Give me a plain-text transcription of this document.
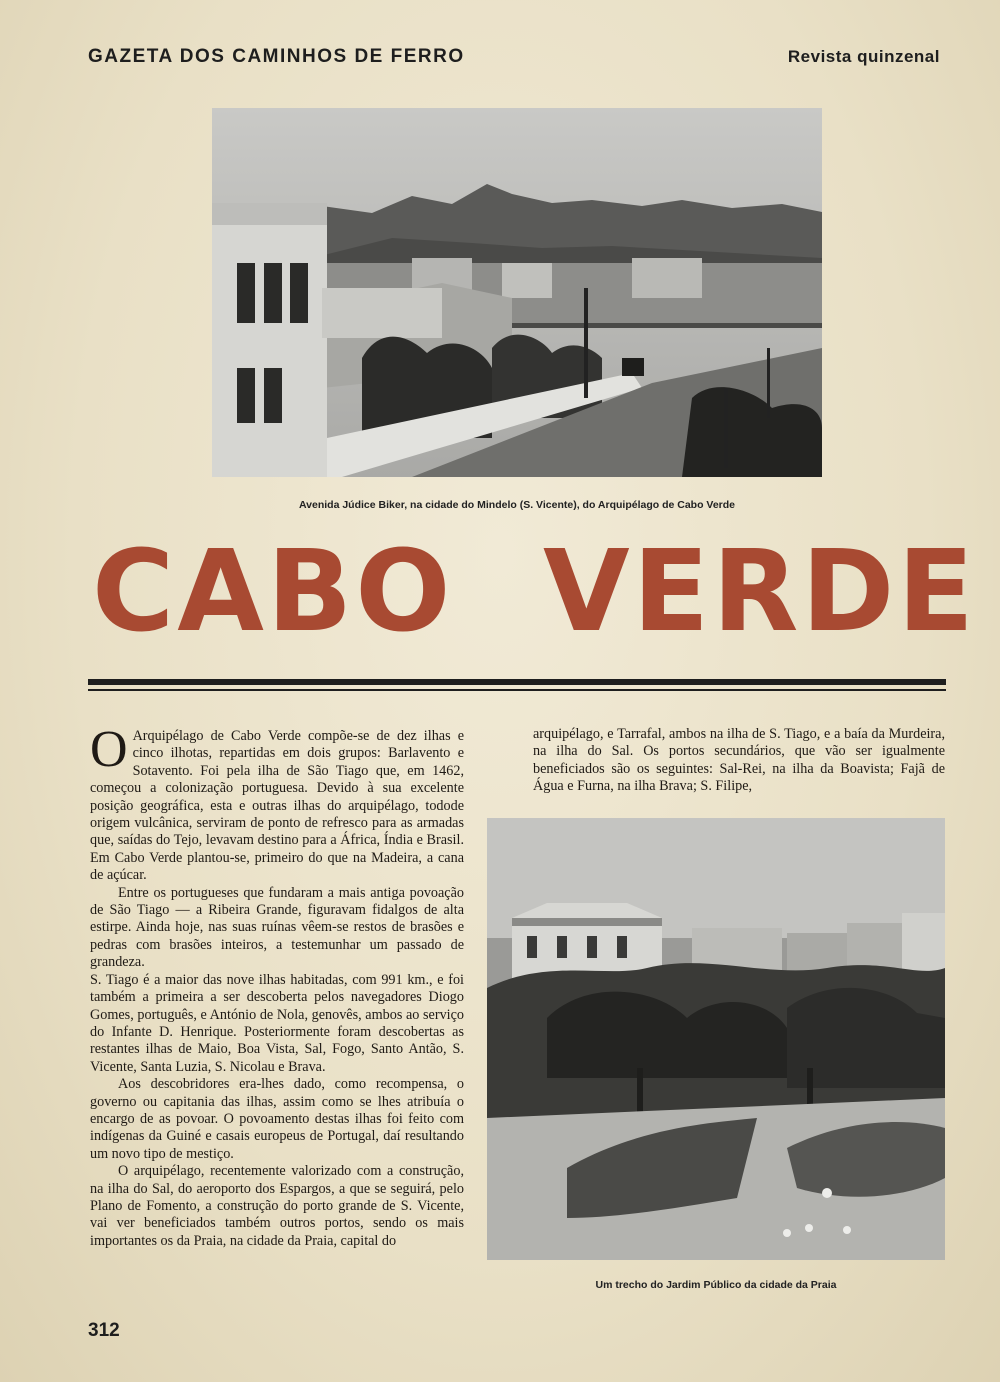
GAZETA DOS CAMINHOS DE FERRO	Revista quinzenal
Avenida Júdice Biker, na cidade do Mindelo (S. Vicente), do Arquipélago de Cabo Verde
CABO VERDE

O Arquipélago de Cabo Verde compõe-se de dez ilhas e cinco ilhotas, repartidas em dois grupos: Barlavento e Sotavento. Foi pela ilha de São Tiago que, em 1462, começou a colonização portuguesa. Devido à sua excelente posição geográfica, esta e outras ilhas do arquipélago, todode origem vulcânica, serviram de ponto de refresco para as armadas que, saídas do Tejo, levavam destino para a África, Índia e Brasil. Em Cabo Verde plantou-se, primeiro do que na Madeira, a cana de açúcar.

Entre os portugueses que fundaram a mais antiga povoação de São Tiago — a Ribeira Grande, figuravam fidalgos de alta estirpe. Ainda hoje, nas suas ruínas vêem-se restos de brasões e pedras com brasões inteiros, a testemunhar um passado de grandeza.

S. Tiago é a maior das nove ilhas habitadas, com 991 km., e foi também a primeira a ser descoberta pelos navegadores Diogo Gomes, português, e António de Nola, genovês, ambos ao serviço do Infante D. Henrique. Posteriormente foram descobertas as restantes ilhas de Maio, Boa Vista, Sal, Fogo, Santo Antão, S. Vicente, Santa Luzia, S. Nicolau e Brava.

Aos descobridores era-lhes dado, como recompensa, o governo ou capitania das ilhas, assim como se lhes atribuía o encargo de as povoar. O povoamento destas ilhas foi feito com indígenas da Guiné e casais europeus de Portugal, daí resultando um novo tipo de mestiço.

O arquipélago, recentemente valorizado com a construção, na ilha do Sal, do aeroporto dos Espargos, a que se seguirá, pelo Plano de Fomento, a construção do porto grande de S. Vicente, vai ver beneficiados também outros portos, sendo os mais importantes os da Praia, na cidade da Praia, capital do

arquipélago, e Tarrafal, ambos na ilha de S. Tiago, e a baía da Murdeira, na ilha do Sal. Os portos secundários, que vão ser igualmente beneficiados são os seguintes: Sal-Rei, na ilha da Boavista; Fajã de Água e Furna, na ilha Brava; S. Filipe,

Um trecho do Jardim Público da cidade da Praia
312
